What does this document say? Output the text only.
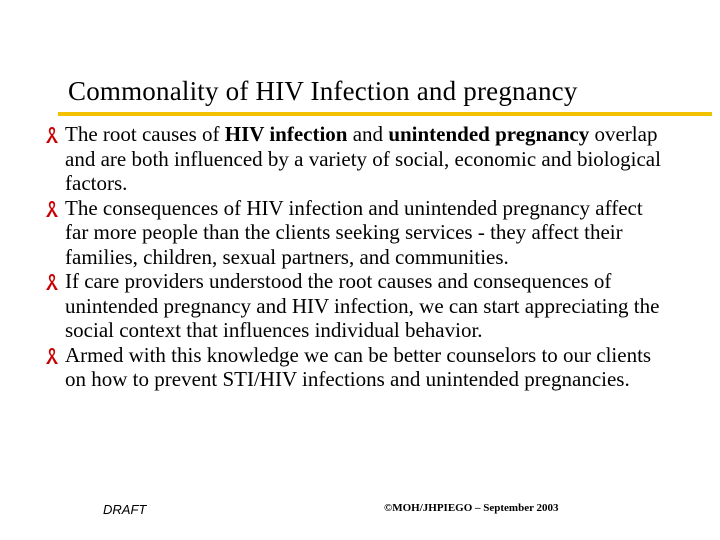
Commonality of HIV Infection and pregnancy
The root causes of HIV infection and unintended pregnancy overlap and are both influenced by a variety of social, economic and biological factors.
The consequences of HIV infection and unintended pregnancy affect far more people than the clients seeking services - they affect their families, children, sexual partners, and communities.
If care providers understood the root causes and consequences of unintended pregnancy and HIV infection, we can start appreciating the social context that influences individual behavior.
Armed with this knowledge we can be better counselors to our clients on how to prevent STI/HIV infections and unintended pregnancies.
DRAFT	©MOH/JHPIEGO – September 2003
